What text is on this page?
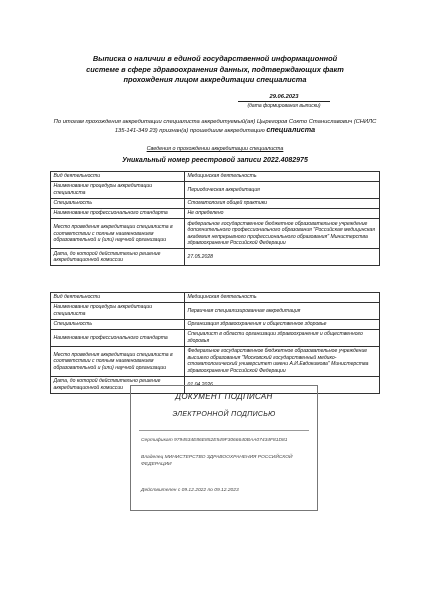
Выписка о наличии в единой государственной информационной
системе в сфере здравоохранения данных, подтверждающих факт
прохождения лицом аккредитации специалиста
29.06.2023
(дата формирования выписки)
По итогам прохождения аккредитации специалиста аккредитуемый(ая) Цырегоров Сокто Станиславович (СНИЛС
135-141-349 23) признан(а) прошедшим аккредитацию специалиста
Сведения о прохождении аккредитации специалиста
Уникальный номер реестровой записи 2022.4082975
Вид деятельности	Медицинская деятельность
Наименование процедуры аккредитации специалиста	Периодическая аккредитация
Специальность	Стоматология общей практики
Наименование профессионального стандарта	Не определено
Место проведения аккредитации специалиста в соответствии с полным наименованием образовательной и (или) научной организации	федеральное государственное бюджетное образовательное учреждение дополнительного профессионального образования "Российская медицинская академия непрерывного профессионального образования" Министерства здравоохранения Российской Федерации
Дата, до которой действительно решение аккредитационной комиссии	27.05.2028
Вид деятельности	Медицинская деятельность
Наименование процедуры аккредитации специалиста	Первичная специализированная аккредитация
Специальность	Организация здравоохранения и общественное здоровье
Наименование профессионального стандарта	Специалист в области организации здравоохранения и общественного здоровья
Место проведения аккредитации специалиста в соответствии с полным наименованием образовательной и (или) научной организации	Федеральное государственное бюджетное образовательное учреждение высшего образования "Московский государственный медико-стоматологический университет имени А.И.Евдокимова" Министерства здравоохранения Российской Федерации
Дата, до которой действительно решение аккредитационной комиссии	01.04.2026
ДОКУМЕНТ ПОДПИСАН
ЭЛЕКТРОННОЙ ПОДПИСЬЮ
Сертификат 9794534E86E852E549F3066640BAA07434F81D81
Владелец МИНИСТЕРСТВО ЗДРАВООХРАНЕНИЯ РОССИЙСКОЙ ФЕДЕРАЦИИ
Действителен с 09.12.2022 по 09.12.2023
